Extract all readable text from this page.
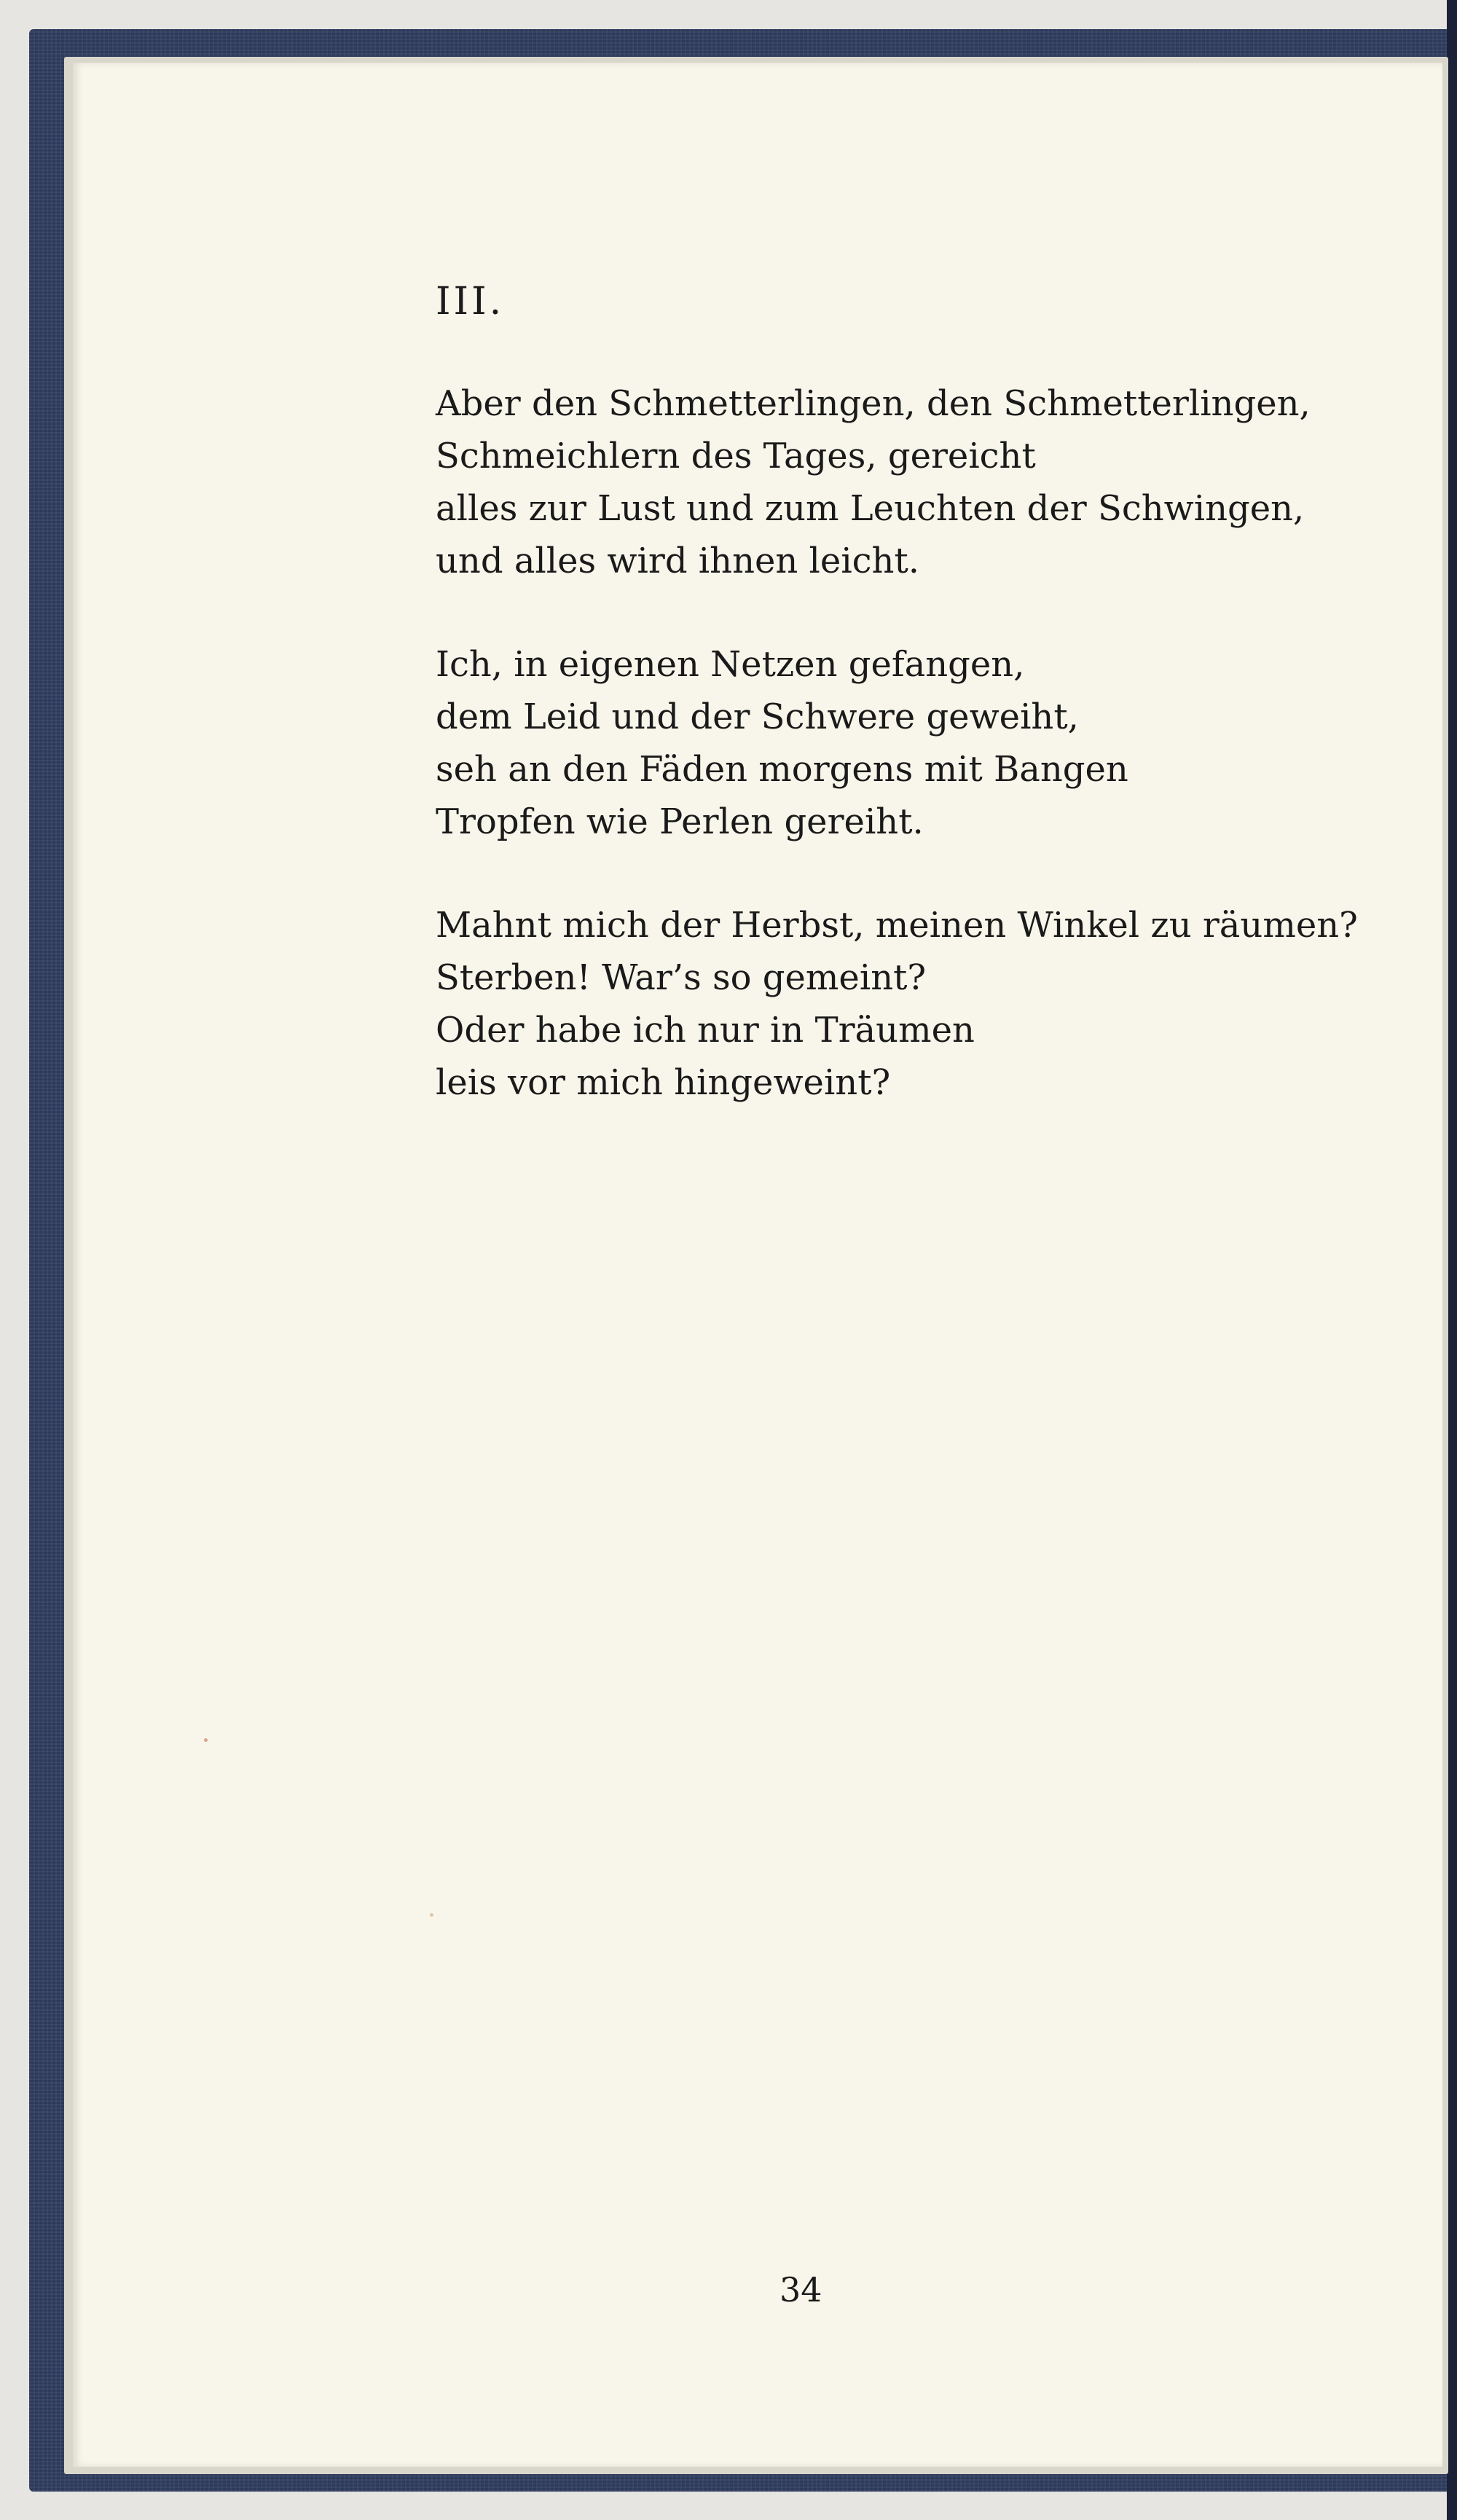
III.
Aber den Schmetterlingen, den Schmetterlingen,
Schmeichlern des Tages, gereicht
alles zur Lust und zum Leuchten der Schwingen,
und alles wird ihnen leicht.
Ich, in eigenen Netzen gefangen,
dem Leid und der Schwere geweiht,
seh an den Fäden morgens mit Bangen
Tropfen wie Perlen gereiht.
Mahnt mich der Herbst, meinen Winkel zu räumen?
Sterben! War’s so gemeint?
Oder habe ich nur in Träumen
leis vor mich hingeweint?
34
